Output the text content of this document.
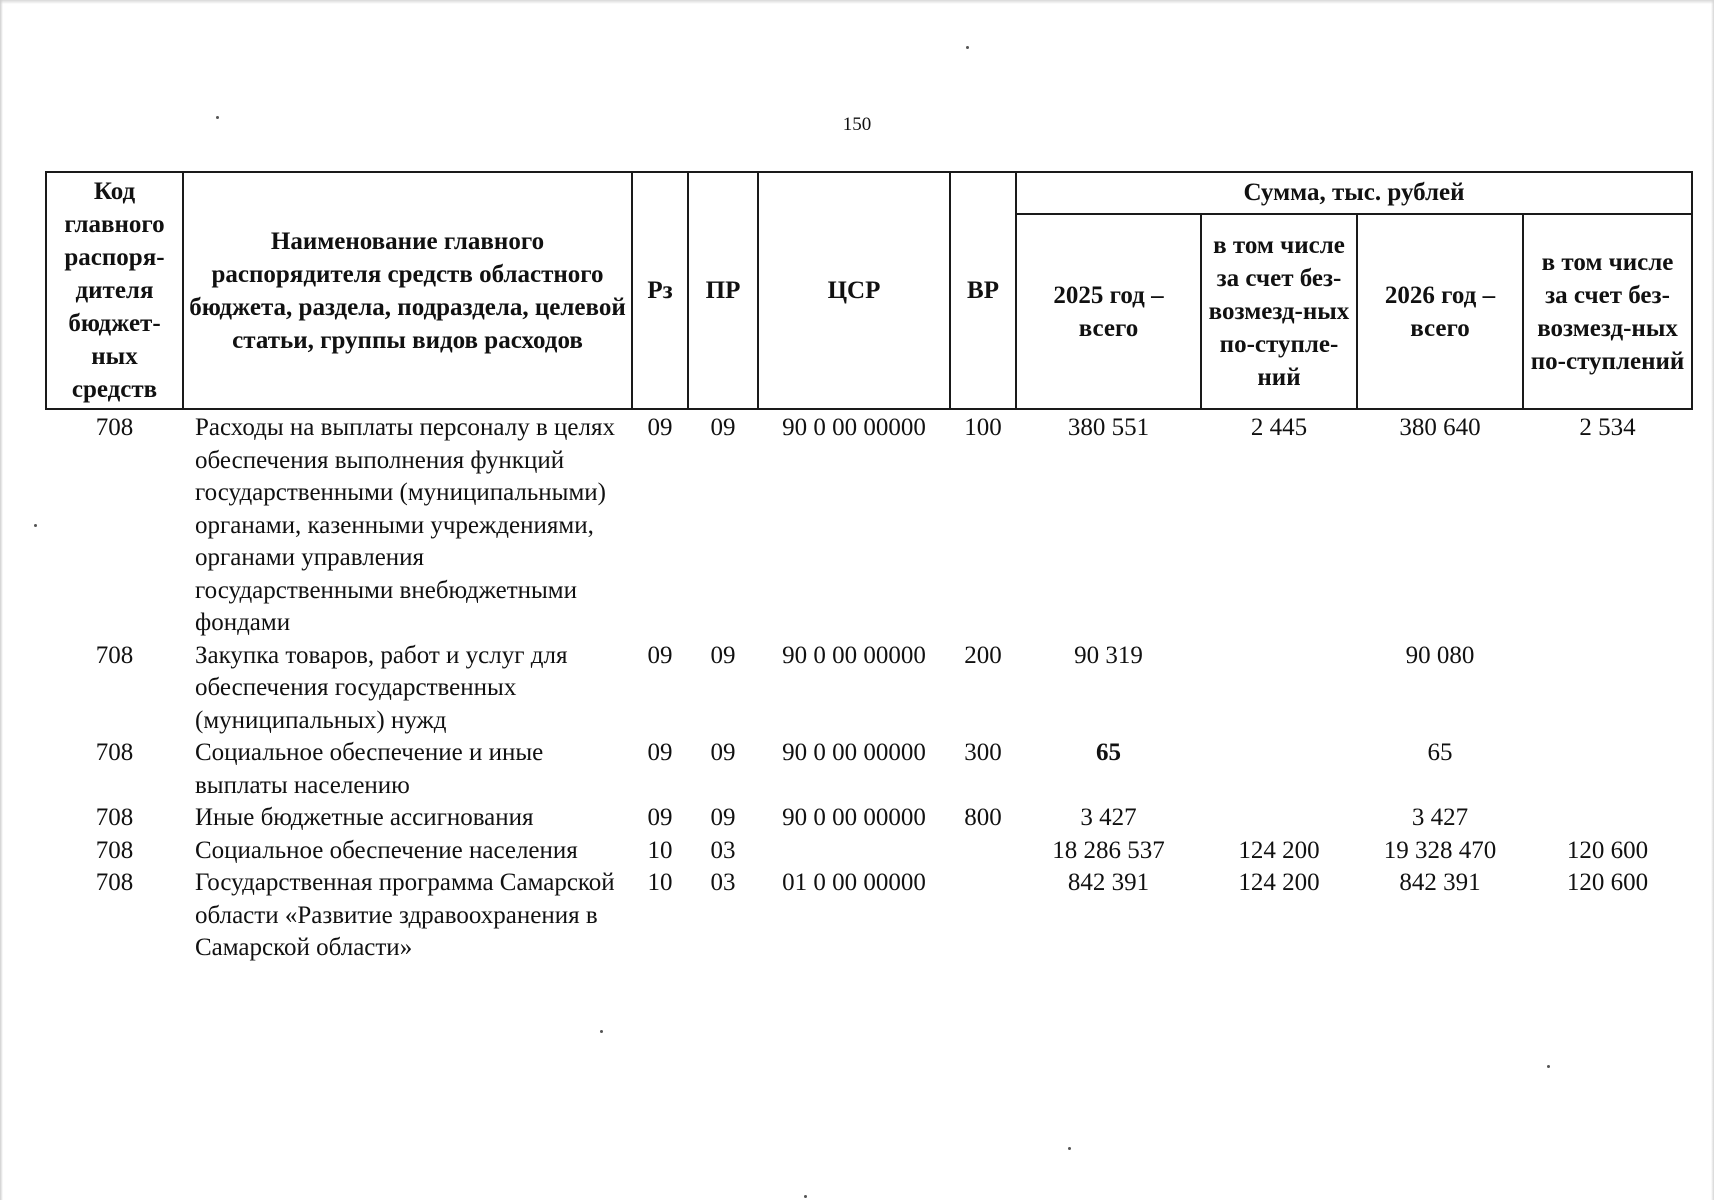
150
Код главного распоря-дителя бюджет-ных средств	Наименование главного распорядителя средств областного бюджета, раздела, подраздела, целевой статьи, группы видов расходов	Рз	ПР	ЦСР	ВР	Сумма, тыс. рублей			
						2025 год – всего	в том числе за счет без-возмезд-ных по-ступле-ний	2026 год – всего	в том числе за счет без-возмезд-ных по-ступлений
708	Расходы на выплаты персоналу в целях обеспечения выполнения функций государственными (муниципальными) органами, казенными учреждениями, органами управления государственными внебюджетными фондами	09	09	90 0 00 00000	100	380 551	2 445	380 640	2 534
708	Закупка товаров, работ и услуг для обеспечения государственных (муниципальных) нужд	09	09	90 0 00 00000	200	90 319		90 080	
708	Социальное обеспечение и иные выплаты населению	09	09	90 0 00 00000	300	65		65	
708	Иные бюджетные ассигнования	09	09	90 0 00 00000	800	3 427		3 427	
708	Социальное обеспечение населения	10	03			18 286 537	124 200	19 328 470	120 600
708	Государственная программа Самарской области «Развитие здравоохранения в Самарской области»	10	03	01 0 00 00000		842 391	124 200	842 391	120 600
